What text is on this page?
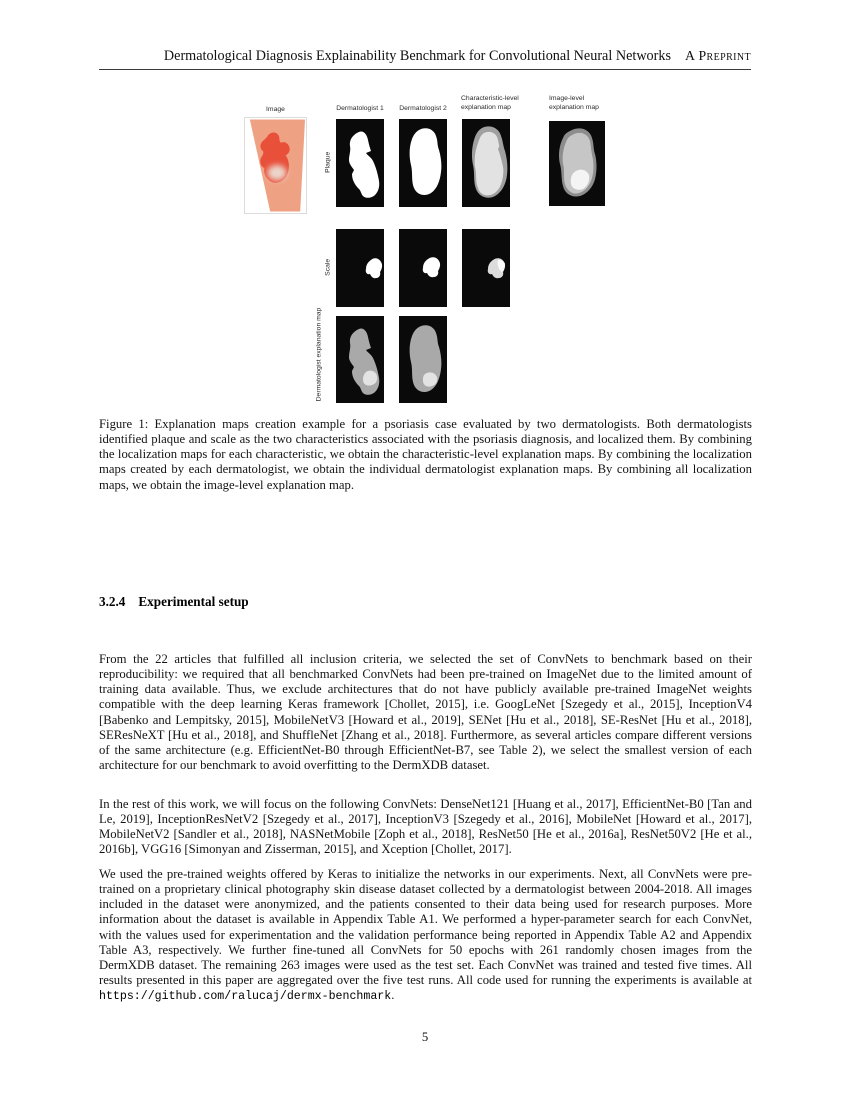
Dermatological Diagnosis Explainability Benchmark for Convolutional Neural Networks A Preprint
Image	Dermatologist 1	Dermatologist 2
Characteristic-level explanation map
Image-level explanation map
Plaque
Scale
Dermatologist explanation map
Figure 1: Explanation maps creation example for a psoriasis case evaluated by two dermatologists. Both dermatologists identified plaque and scale as the two characteristics associated with the psoriasis diagnosis, and localized them. By combining the localization maps for each characteristic, we obtain the characteristic-level explanation maps. By combining the localization maps created by each dermatologist, we obtain the individual dermatologist explanation maps. By combining all localization maps, we obtain the image-level explanation map.
3.2.4 Experimental setup
From the 22 articles that fulfilled all inclusion criteria, we selected the set of ConvNets to benchmark based on their reproducibility: we required that all benchmarked ConvNets had been pre-trained on ImageNet due to the limited amount of training data available. Thus, we exclude architectures that do not have publicly available pre-trained ImageNet weights compatible with the deep learning Keras framework [Chollet, 2015], i.e. GoogLeNet [Szegedy et al., 2015], InceptionV4 [Babenko and Lempitsky, 2015], MobileNetV3 [Howard et al., 2019], SENet [Hu et al., 2018], SE-ResNet [Hu et al., 2018], SEResNeXT [Hu et al., 2018], and ShuffleNet [Zhang et al., 2018]. Furthermore, as several articles compare different versions of the same architecture (e.g. EfficientNet-B0 through EfficientNet-B7, see Table 2), we select the smallest version of each architecture for our benchmark to avoid overfitting to the DermXDB dataset.
In the rest of this work, we will focus on the following ConvNets: DenseNet121 [Huang et al., 2017], EfficientNet-B0 [Tan and Le, 2019], InceptionResNetV2 [Szegedy et al., 2017], InceptionV3 [Szegedy et al., 2016], MobileNet [Howard et al., 2017], MobileNetV2 [Sandler et al., 2018], NASNetMobile [Zoph et al., 2018], ResNet50 [He et al., 2016a], ResNet50V2 [He et al., 2016b], VGG16 [Simonyan and Zisserman, 2015], and Xception [Chollet, 2017].
We used the pre-trained weights offered by Keras to initialize the networks in our experiments. Next, all ConvNets were pre-trained on a proprietary clinical photography skin disease dataset collected by a dermatologist between 2004-2018. All images included in the dataset were anonymized, and the patients consented to their data being used for research purposes. More information about the dataset is available in Appendix Table A1. We performed a hyper-parameter search for each ConvNet, with the values used for experimentation and the validation performance being reported in Appendix Table A2 and Appendix Table A3, respectively. We further fine-tuned all ConvNets for 50 epochs with 261 randomly chosen images from the DermXDB dataset. The remaining 263 images were used as the test set. Each ConvNet was trained and tested five times. All results presented in this paper are aggregated over the five test runs. All code used for running the experiments is available at https://github.com/ralucaj/dermx-benchmark.
5
